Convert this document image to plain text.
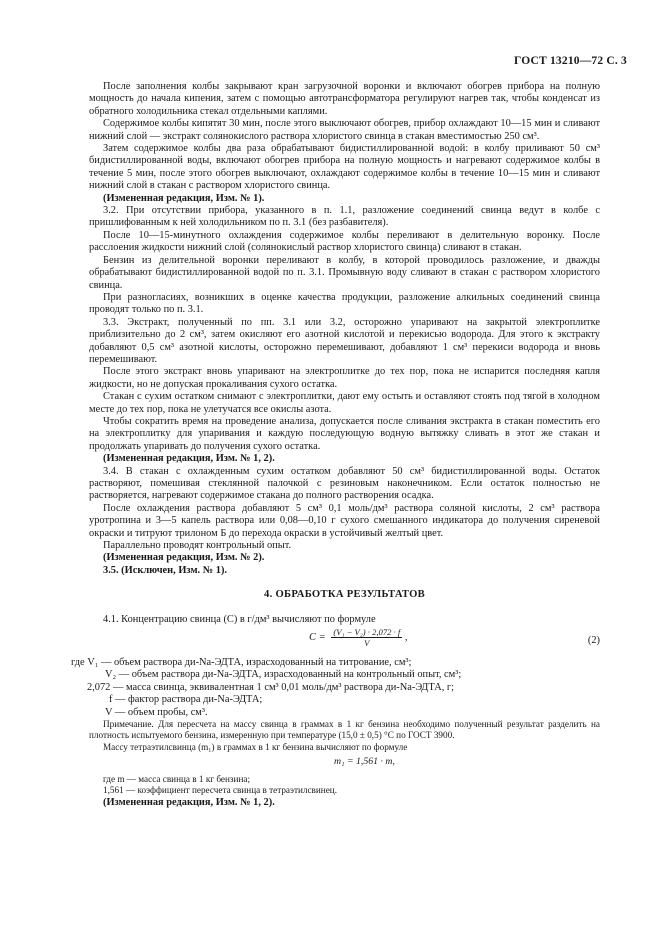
ГОСТ 13210—72 С. 3

После заполнения колбы закрывают кран загрузочной воронки и включают обогрев прибора на полную мощность до начала кипения, затем с помощью автотрансформатора регулируют нагрев так, чтобы конденсат из обратного холодильника стекал отдельными каплями.

Содержимое колбы кипятят 30 мин, после этого выключают обогрев, прибор охлаждают 10—15 мин и сливают нижний слой — экстракт солянокислого раствора хлористого свинца в стакан вместимостью 250 см³.

Затем содержимое колбы два раза обрабатывают бидистиллированной водой: в колбу приливают 50 см³ бидистиллированной воды, включают обогрев прибора на полную мощность и нагревают содержимое колбы в течение 5 мин, после этого обогрев выключают, охлаждают содержимое колбы в течение 10—15 мин и сливают нижний слой в стакан с раствором хлористого свинца.

(Измененная редакция, Изм. № 1).

3.2. При отсутствии прибора, указанного в п. 1.1, разложение соединений свинца ведут в колбе с пришлифованным к ней холодильником по п. 3.1 (без разбавителя).

После 10—15-минутного охлаждения содержимое колбы переливают в делительную воронку. После расслоения жидкости нижний слой (солянокислый раствор хлористого свинца) сливают в стакан.

Бензин из делительной воронки переливают в колбу, в которой проводилось разложение, и дважды обрабатывают бидистиллированной водой по п. 3.1. Промывную воду сливают в стакан с раствором хлористого свинца.

При разногласиях, возникших в оценке качества продукции, разложение алкильных соединений свинца проводят только по п. 3.1.

3.3. Экстракт, полученный по пп. 3.1 или 3.2, осторожно упаривают на закрытой электроплитке приблизительно до 2 см³, затем окисляют его азотной кислотой и перекисью водорода. Для этого к экстракту добавляют 0,5 см³ азотной кислоты, осторожно перемешивают, добавляют 1 см³ перекиси водорода и вновь перемешивают.

После этого экстракт вновь упаривают на электроплитке до тех пор, пока не испарится последняя капля жидкости, но не допуская прокаливания сухого остатка.

Стакан с сухим остатком снимают с электроплитки, дают ему остыть и оставляют стоять под тягой в холодном месте до тех пор, пока не улетучатся все окислы азота.

Чтобы сократить время на проведение анализа, допускается после сливания экстракта в стакан поместить его на электроплитку для упаривания и каждую последующую водную вытяжку сливать в этот же стакан и продолжать упаривать до получения сухого остатка.

(Измененная редакция, Изм. № 1, 2).

3.4. В стакан с охлажденным сухим остатком добавляют 50 см³ бидистиллированной воды. Остаток растворяют, помешивая стеклянной палочкой с резиновым наконечником. Если остаток полностью не растворяется, нагревают содержимое стакана до полного растворения осадка.

После охлаждения раствора добавляют 5 см³ 0,1 моль/дм³ раствора соляной кислоты, 2 см³ раствора уротропина и 3—5 капель раствора или 0,08—0,10 г сухого смешанного индикатора до получения сиреневой окраски и титруют трилоном Б до перехода окраски в устойчивый желтый цвет.

Параллельно проводят контрольный опыт.

(Измененная редакция, Изм. № 2).

3.5. (Исключен, Изм. № 1).

4. ОБРАБОТКА РЕЗУЛЬТАТОВ

4.1. Концентрацию свинца (C) в г/дм³ вычисляют по формуле

$C = \frac{\text{(V₁ − V₂) · 2,072 · f}}{V}$ ,	(2)
где V₁ — объем раствора ди-Na-ЭДТА, израсходованный на титрование, см³;
V₂ — объем раствора ди-Na-ЭДТА, израсходованный на контрольный опыт, см³;
2,072 — масса свинца, эквивалентная 1 см³ 0,01 моль/дм³ раствора ди-Na-ЭДТА, г;
f — фактор раствора ди-Na-ЭДТА;
V — объем пробы, см³.

Примечание. Для пересчета на массу свинца в граммах в 1 кг бензина необходимо полученный результат разделить на плотность испытуемого бензина, измеренную при температуре (15,0 ± 0,5) °С по ГОСТ 3900.

Массу тетраэтилсвинца (m₁) в граммах в 1 кг бензина вычисляют по формуле

m₁ = 1,561 · m,

где m — масса свинца в 1 кг бензина;

1,561 — коэффициент пересчета свинца в тетраэтилсвинец.

(Измененная редакция, Изм. № 1, 2).
